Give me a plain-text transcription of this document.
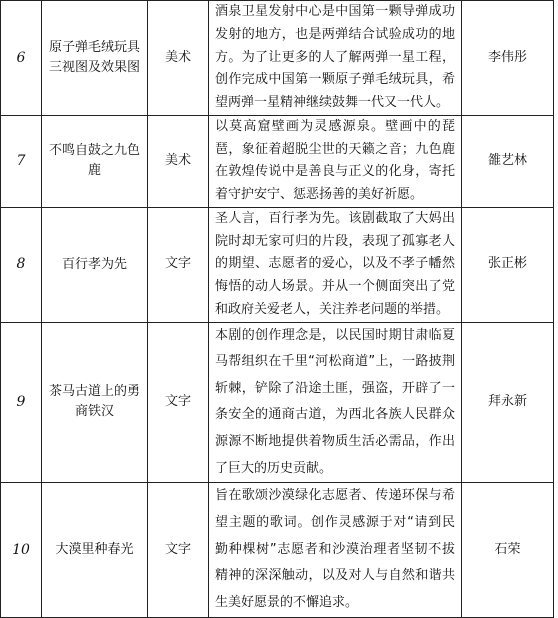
6	原子弹毛绒玩具三视图及效果图	美术	酒泉卫星发射中心是中国第一颗导弹成功发射的地方，也是两弹结合试验成功的地方。为了让更多的人了解两弹一星工程，创作完成中国第一颗原子弹毛绒玩具，希望两弹一星精神继续鼓舞一代又一代人。	李伟彤
7	不鸣自鼓之九色鹿	美术	以莫高窟壁画为灵感源泉。壁画中的琵琶，象征着超脱尘世的天籁之音；九色鹿在敦煌传说中是善良与正义的化身，寄托着守护安宁、惩恶扬善的美好祈愿。	雒艺林
8	百行孝为先	文字	圣人言，百行孝为先。该剧截取了大妈出院时却无家可归的片段，表现了孤寡老人的期望、志愿者的爱心，以及不孝子幡然悔悟的动人场景。并从一个侧面突出了党和政府关爱老人，关注养老问题的举措。	张正彬
9	茶马古道上的勇商铁汉	文字	本剧的创作理念是，以民国时期甘肃临夏马帮组织在千里“河松商道”上，一路披荆斩棘，铲除了沿途土匪，强盗，开辟了一条安全的通商古道，为西北各族人民群众源源不断地提供着物质生活必需品，作出了巨大的历史贡献。	拜永新
10	大漠里种春光	文字	旨在歌颂沙漠绿化志愿者、传递环保与希望主题的歌词。创作灵感源于对“请到民勤种棵树”志愿者和沙漠治理者坚韧不拔精神的深深触动，以及对人与自然和谐共生美好愿景的不懈追求。	石荣
